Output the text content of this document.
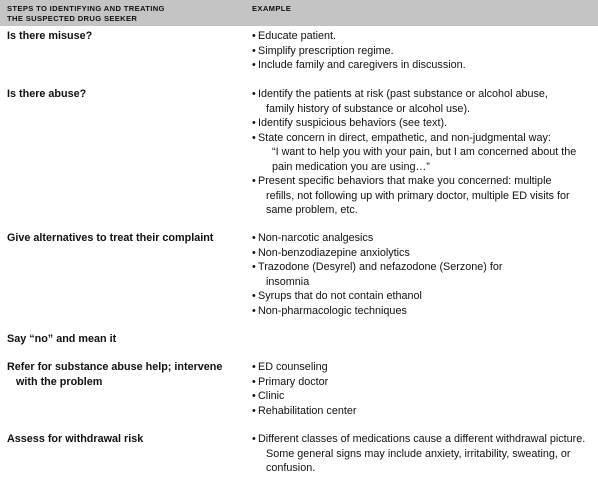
STEPS TO IDENTIFYING AND TREATING
THE SUSPECTED DRUG SEEKER
EXAMPLE
Is there misuse?	• Educate patient.
• Simplify prescription regime.
• Include family and caregivers in discussion.
Is there abuse?	• Identify the patients at risk (past substance or alcohol abuse,
family history of substance or alcohol use).
• Identify suspicious behaviors (see text).
• State concern in direct, empathetic, and non-judgmental way:
“I want to help you with your pain, but I am concerned about the
pain medication you are using…”
• Present specific behaviors that make you concerned: multiple
refills, not following up with primary doctor, multiple ED visits for
same problem, etc.
Give alternatives to treat their complaint	• Non-narcotic analgesics
• Non-benzodiazepine anxiolytics
• Trazodone (Desyrel) and nefazodone (Serzone) for
insomnia
• Syrups that do not contain ethanol
• Non-pharmacologic techniques
Say “no” and mean it
Refer for substance abuse help; intervene
with the problem
• ED counseling
• Primary doctor
• Clinic
• Rehabilitation center
Assess for withdrawal risk	• Different classes of medications cause a different withdrawal picture.
Some general signs may include anxiety, irritability, sweating, or
confusion.
